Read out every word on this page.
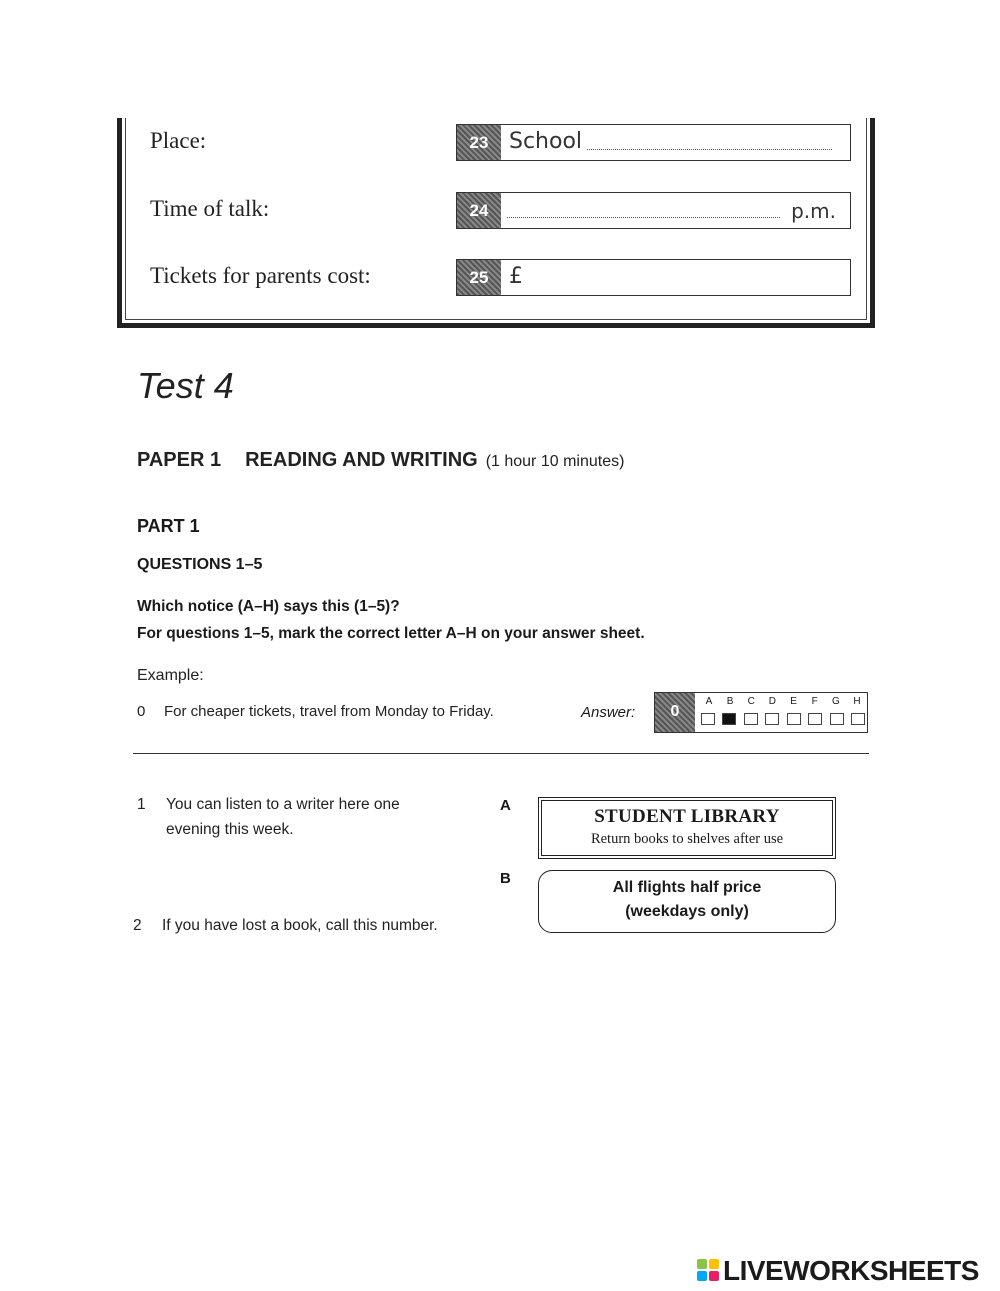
Place:	23 School
Time of talk:	24	p.m.
Tickets for parents cost:	25 £
Test 4
PAPER 1 READING AND WRITING (1 hour 10 minutes)
PART 1
QUESTIONS 1–5
Which notice (A–H) says this (1–5)?
For questions 1–5, mark the correct letter A–H on your answer sheet.
Example:
0 For cheaper tickets, travel from Monday to Friday.	Answer:	0
A	B	C	D	E	F	G	H
1 You can listen to a writer here one evening this week.
2 If you have lost a book, call this number.
A
STUDENT LIBRARY
Return books to shelves after use
B
All flights half price
(weekdays only)
LIVEWORKSHEETS
